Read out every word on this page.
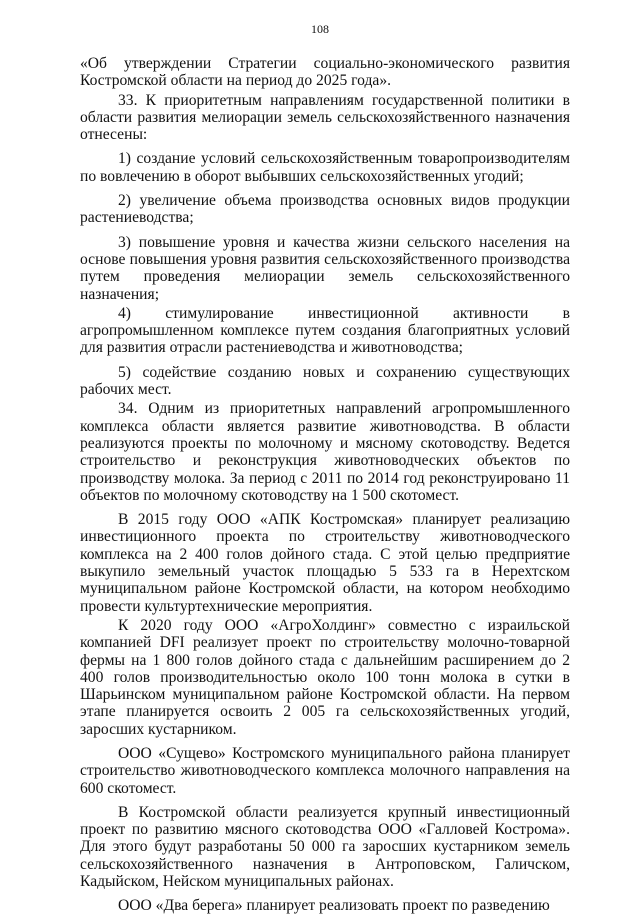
108

«Об утверждении Стратегии социально-экономического развития Костромской области на период до 2025 года».

33. К приоритетным направлениям государственной политики в области развития мелиорации земель сельскохозяйственного назначения отнесены:

1) создание условий сельскохозяйственным товаропроизводителям по вовлечению в оборот выбывших сельскохозяйственных угодий;

2) увеличение объема производства основных видов продукции растениеводства;

3) повышение уровня и качества жизни сельского населения на основе повышения уровня развития сельскохозяйственного производства путем проведения мелиорации земель сельскохозяйственного назначения;

4) стимулирование инвестиционной активности в агропромышленном комплексе путем создания благоприятных условий для развития отрасли растениеводства и животноводства;

5) содействие созданию новых и сохранению существующих рабочих мест.

34. Одним из приоритетных направлений агропромышленного комплекса области является развитие животноводства. В области реализуются проекты по молочному и мясному скотоводству. Ведется строительство и реконструкция животноводческих объектов по производству молока. За период с 2011 по 2014 год реконструировано 11 объектов по молочному скотоводству на 1 500 скотомест.

В 2015 году ООО «АПК Костромская» планирует реализацию инвестиционного проекта по строительству животноводческого комплекса на 2 400 голов дойного стада. С этой целью предприятие выкупило земельный участок площадью 5 533 га в Нерехтском муниципальном районе Костромской области, на котором необходимо провести культуртехнические мероприятия.

К 2020 году ООО «АгроХолдинг» совместно с израильской компанией DFI реализует проект по строительству молочно-товарной фермы на 1 800 голов дойного стада с дальнейшим расширением до 2 400 голов производительностью около 100 тонн молока в сутки в Шарьинском муниципальном районе Костромской области. На первом этапе планируется освоить 2 005 га сельскохозяйственных угодий, заросших кустарником.

ООО «Сущево» Костромского муниципального района планирует строительство животноводческого комплекса молочного направления на 600 скотомест.

В Костромской области реализуется крупный инвестиционный проект по развитию мясного скотоводства ООО «Галловей Кострома». Для этого будут разработаны 50 000 га заросших кустарником земель сельскохозяйственного назначения в Антроповском, Галичском, Кадыйском, Нейском муниципальных районах.

ООО «Два берега» планирует реализовать проект по разведению
